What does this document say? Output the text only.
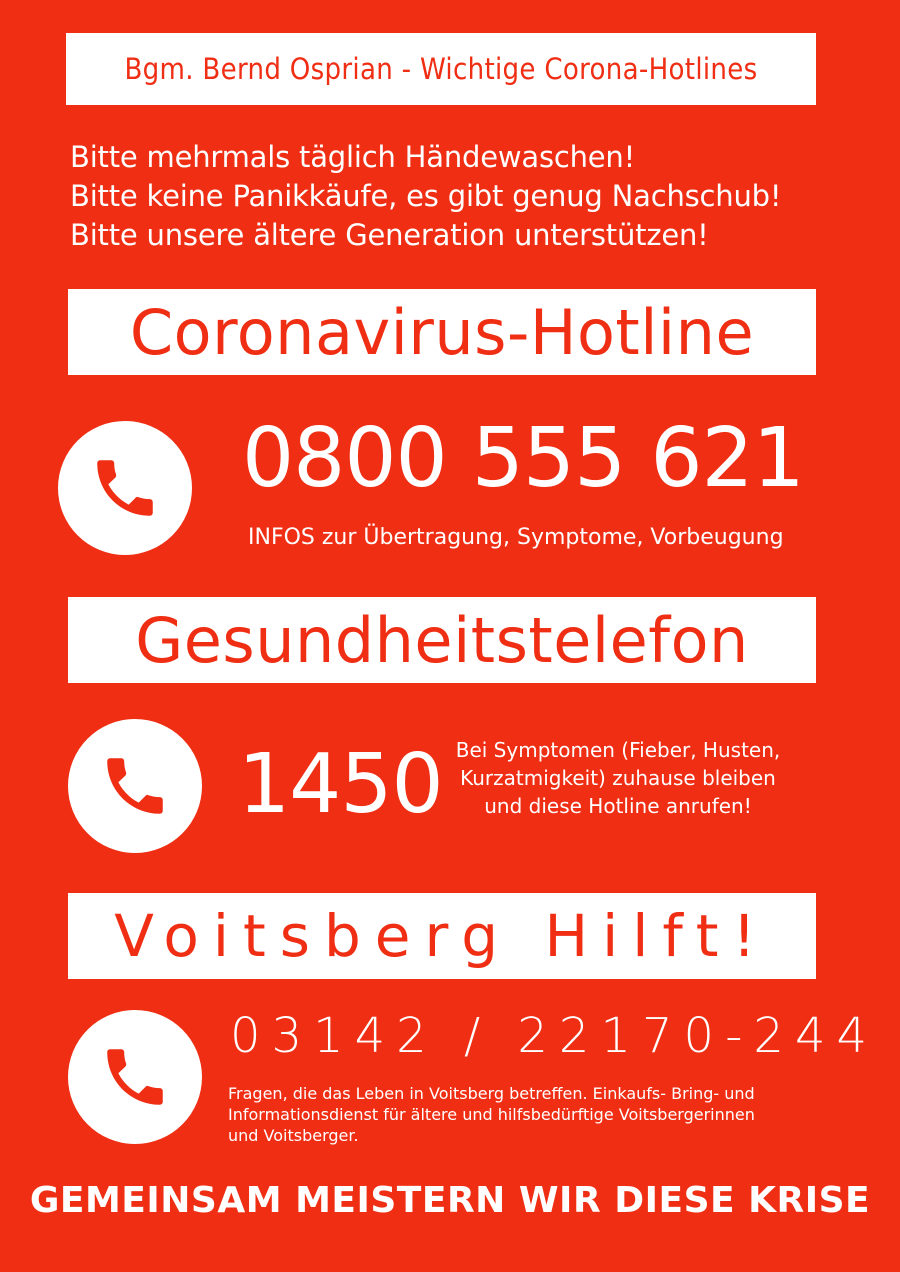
Bgm. Bernd Osprian - Wichtige Corona-Hotlines
Bitte mehrmals täglich Händewaschen!
Bitte keine Panikkäufe, es gibt genug Nachschub!
Bitte unsere ältere Generation unterstützen!
Coronavirus-Hotline
0800 555 621
INFOS zur Übertragung, Symptome, Vorbeugung
Gesundheitstelefon
1450 Bei Symptomen (Fieber, Husten,
Kurzatmigkeit) zuhause bleiben
und diese Hotline anrufen!
Voitsberg Hilft!
03142 / 22170-244
Fragen, die das Leben in Voitsberg betreffen. Einkaufs- Bring- und
Informationsdienst für ältere und hilfsbedürftige Voitsbergerinnen
und Voitsberger.
GEMEINSAM MEISTERN WIR DIESE KRISE
